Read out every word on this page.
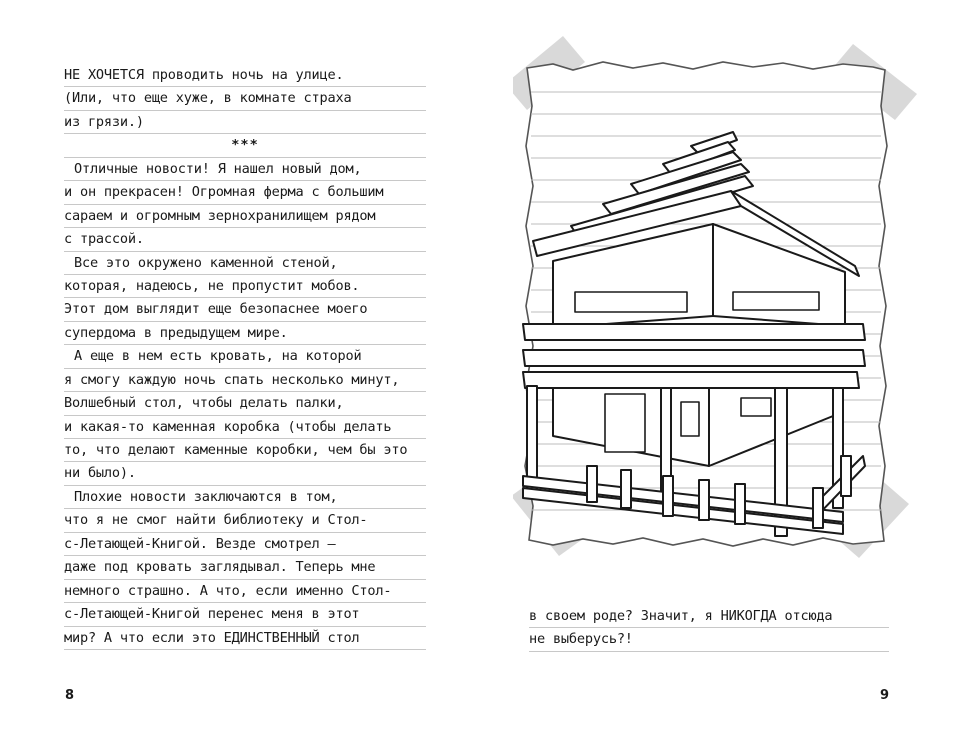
НЕ ХОЧЕТСЯ проводить ночь на улице.
(Или, что еще хуже, в комнате страха
из грязи.)
***
Отличные новости! Я нашел новый дом,
и он прекрасен! Огромная ферма с большим
сараем и огромным зернохранилищем рядом
с трассой.
Все это окружено каменной стеной,
которая, надеюсь, не пропустит мобов.
Этот дом выглядит еще безопаснее моего
супердома в предыдущем мире.
А еще в нем есть кровать, на которой
я смогу каждую ночь спать несколько минут,
Волшебный стол, чтобы делать палки,
и какая-то каменная коробка (чтобы делать
то, что делают каменные коробки, чем бы это
ни было).
Плохие новости заключаются в том,
что я не смог найти библиотеку и Стол-
с-Летающей-Книгой. Везде смотрел —
даже под кровать заглядывал. Теперь мне
немного страшно. А что, если именно Стол-
с-Летающей-Книгой перенес меня в этот
мир? А что если это ЕДИНСТВЕННЫЙ стол
8
в своем роде? Значит, я НИКОГДА отсюда
не выберусь?!
9
